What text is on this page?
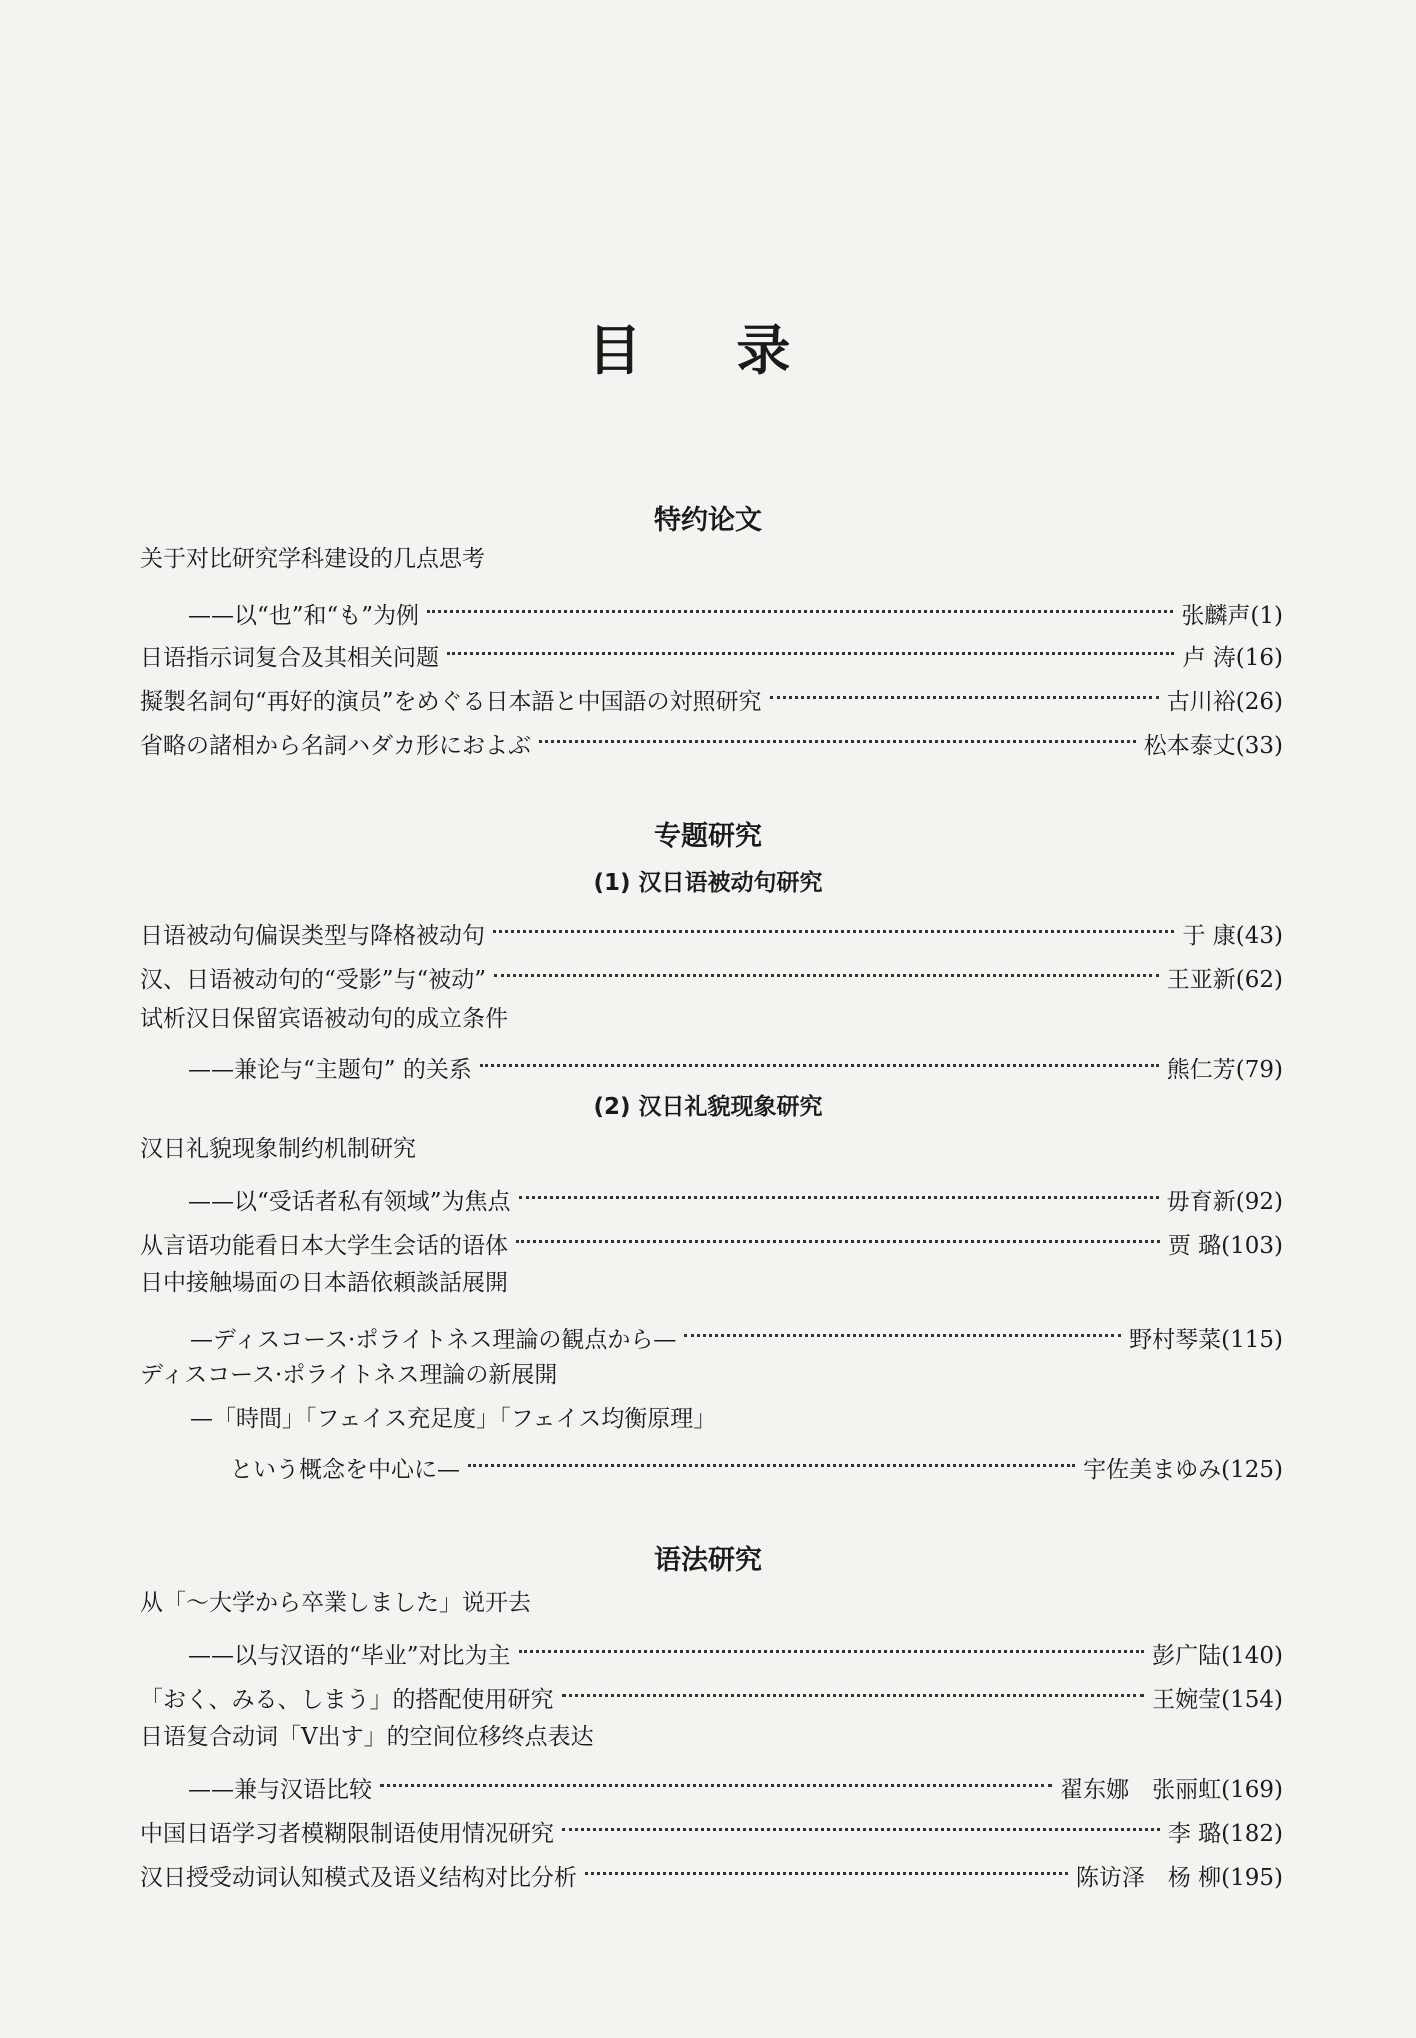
目 录
特约论文
关于对比研究学科建设的几点思考
——以“也”和“も”为例	张麟声 (1)
日语指示词复合及其相关问题	卢 涛 (16)
擬製名詞句“再好的演员”をめぐる日本語と中国語の対照研究	古川裕 (26)
省略の諸相から名詞ハダカ形におよぶ	松本泰丈 (33)
专题研究
(1) 汉日语被动句研究
日语被动句偏误类型与降格被动句	于 康 (43)
汉、日语被动句的“受影”与“被动”	王亚新 (62)
试析汉日保留宾语被动句的成立条件
——兼论与“主题句” 的关系	熊仁芳 (79)
(2) 汉日礼貌现象研究
汉日礼貌现象制约机制研究
——以“受话者私有领域”为焦点	毋育新 (92)
从言语功能看日本大学生会话的语体	贾 璐 (103)
日中接触場面の日本語依頼談話展開
—ディスコース·ポライトネス理論の観点から—	野村琴菜 (115)
ディスコース·ポライトネス理論の新展開
—「時間」「フェイス充足度」「フェイス均衡原理」
という概念を中心に—	宇佐美まゆみ (125)
语法研究
从「～大学から卒業しました」说开去
——以与汉语的“毕业”对比为主	彭广陆 (140)
「おく、みる、しまう」的搭配使用研究	王婉莹 (154)
日语复合动词「V出す」的空间位移终点表达
——兼与汉语比较	翟东娜　张丽虹 (169)
中国日语学习者模糊限制语使用情况研究	李 璐 (182)
汉日授受动词认知模式及语义结构对比分析	陈访泽　杨 柳 (195)
